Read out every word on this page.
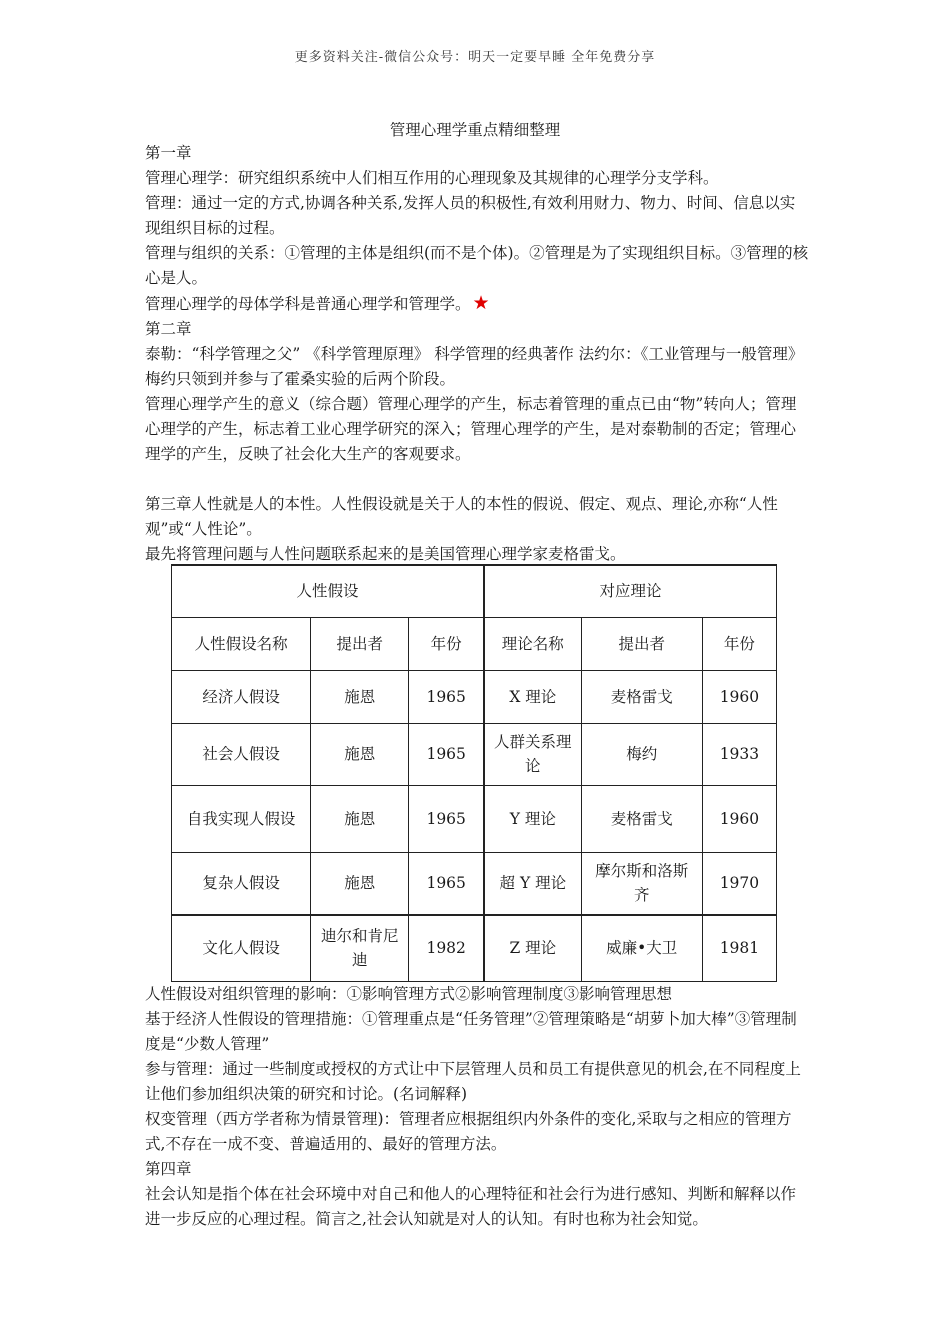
更多资料关注-微信公众号：明天一定要早睡 全年免费分享
管理心理学重点精细整理

第一章

管理心理学：研究组织系统中人们相互作用的心理现象及其规律的心理学分支学科。

管理：通过一定的方式,协调各种关系,发挥人员的积极性,有效利用财力、物力、时间、信息以实现组织目标的过程。

管理与组织的关系：①管理的主体是组织(而不是个体)。②管理是为了实现组织目标。③管理的核心是人。

管理心理学的母体学科是普通心理学和管理学。 ★

第二章

泰勒：“科学管理之父” 《科学管理原理》 科学管理的经典著作 法约尔：《工业管理与一般管理》梅约只领到并参与了霍桑实验的后两个阶段。

管理心理学产生的意义（综合题）管理心理学的产生，标志着管理的重点已由“物”转向人；管理心理学的产生，标志着工业心理学研究的深入；管理心理学的产生，是对泰勒制的否定；管理心理学的产生，反映了社会化大生产的客观要求。

第三章人性就是人的本性。人性假设就是关于人的本性的假说、假定、观点、理论,亦称“人性观”或“人性论”。

最先将管理问题与人性问题联系起来的是美国管理心理学家麦格雷戈。

人性假设			对应理论		
人性假设名称	提出者	年份	理论名称	提出者	年份
经济人假设	施恩	1965	X 理论	麦格雷戈	1960
社会人假设	施恩	1965	人群关系理论	梅约	1933
自我实现人假设	施恩	1965	Y 理论	麦格雷戈	1960
复杂人假设	施恩	1965	超 Y 理论	摩尔斯和洛斯齐	1970
文化人假设	迪尔和肯尼迪	1982	Z 理论	威廉•大卫	1981

人性假设对组织管理的影响：①影响管理方式②影响管理制度③影响管理思想

基于经济人性假设的管理措施：①管理重点是“任务管理”②管理策略是“胡萝卜加大棒”③管理制度是“少数人管理”

参与管理：通过一些制度或授权的方式让中下层管理人员和员工有提供意见的机会,在不同程度上让他们参加组织决策的研究和讨论。(名词解释)

权变管理（西方学者称为情景管理)：管理者应根据组织内外条件的变化,采取与之相应的管理方式,不存在一成不变、普遍适用的、最好的管理方法。

第四章

社会认知是指个体在社会环境中对自己和他人的心理特征和社会行为进行感知、判断和解释以作进一步反应的心理过程。简言之,社会认知就是对人的认知。有时也称为社会知觉。
